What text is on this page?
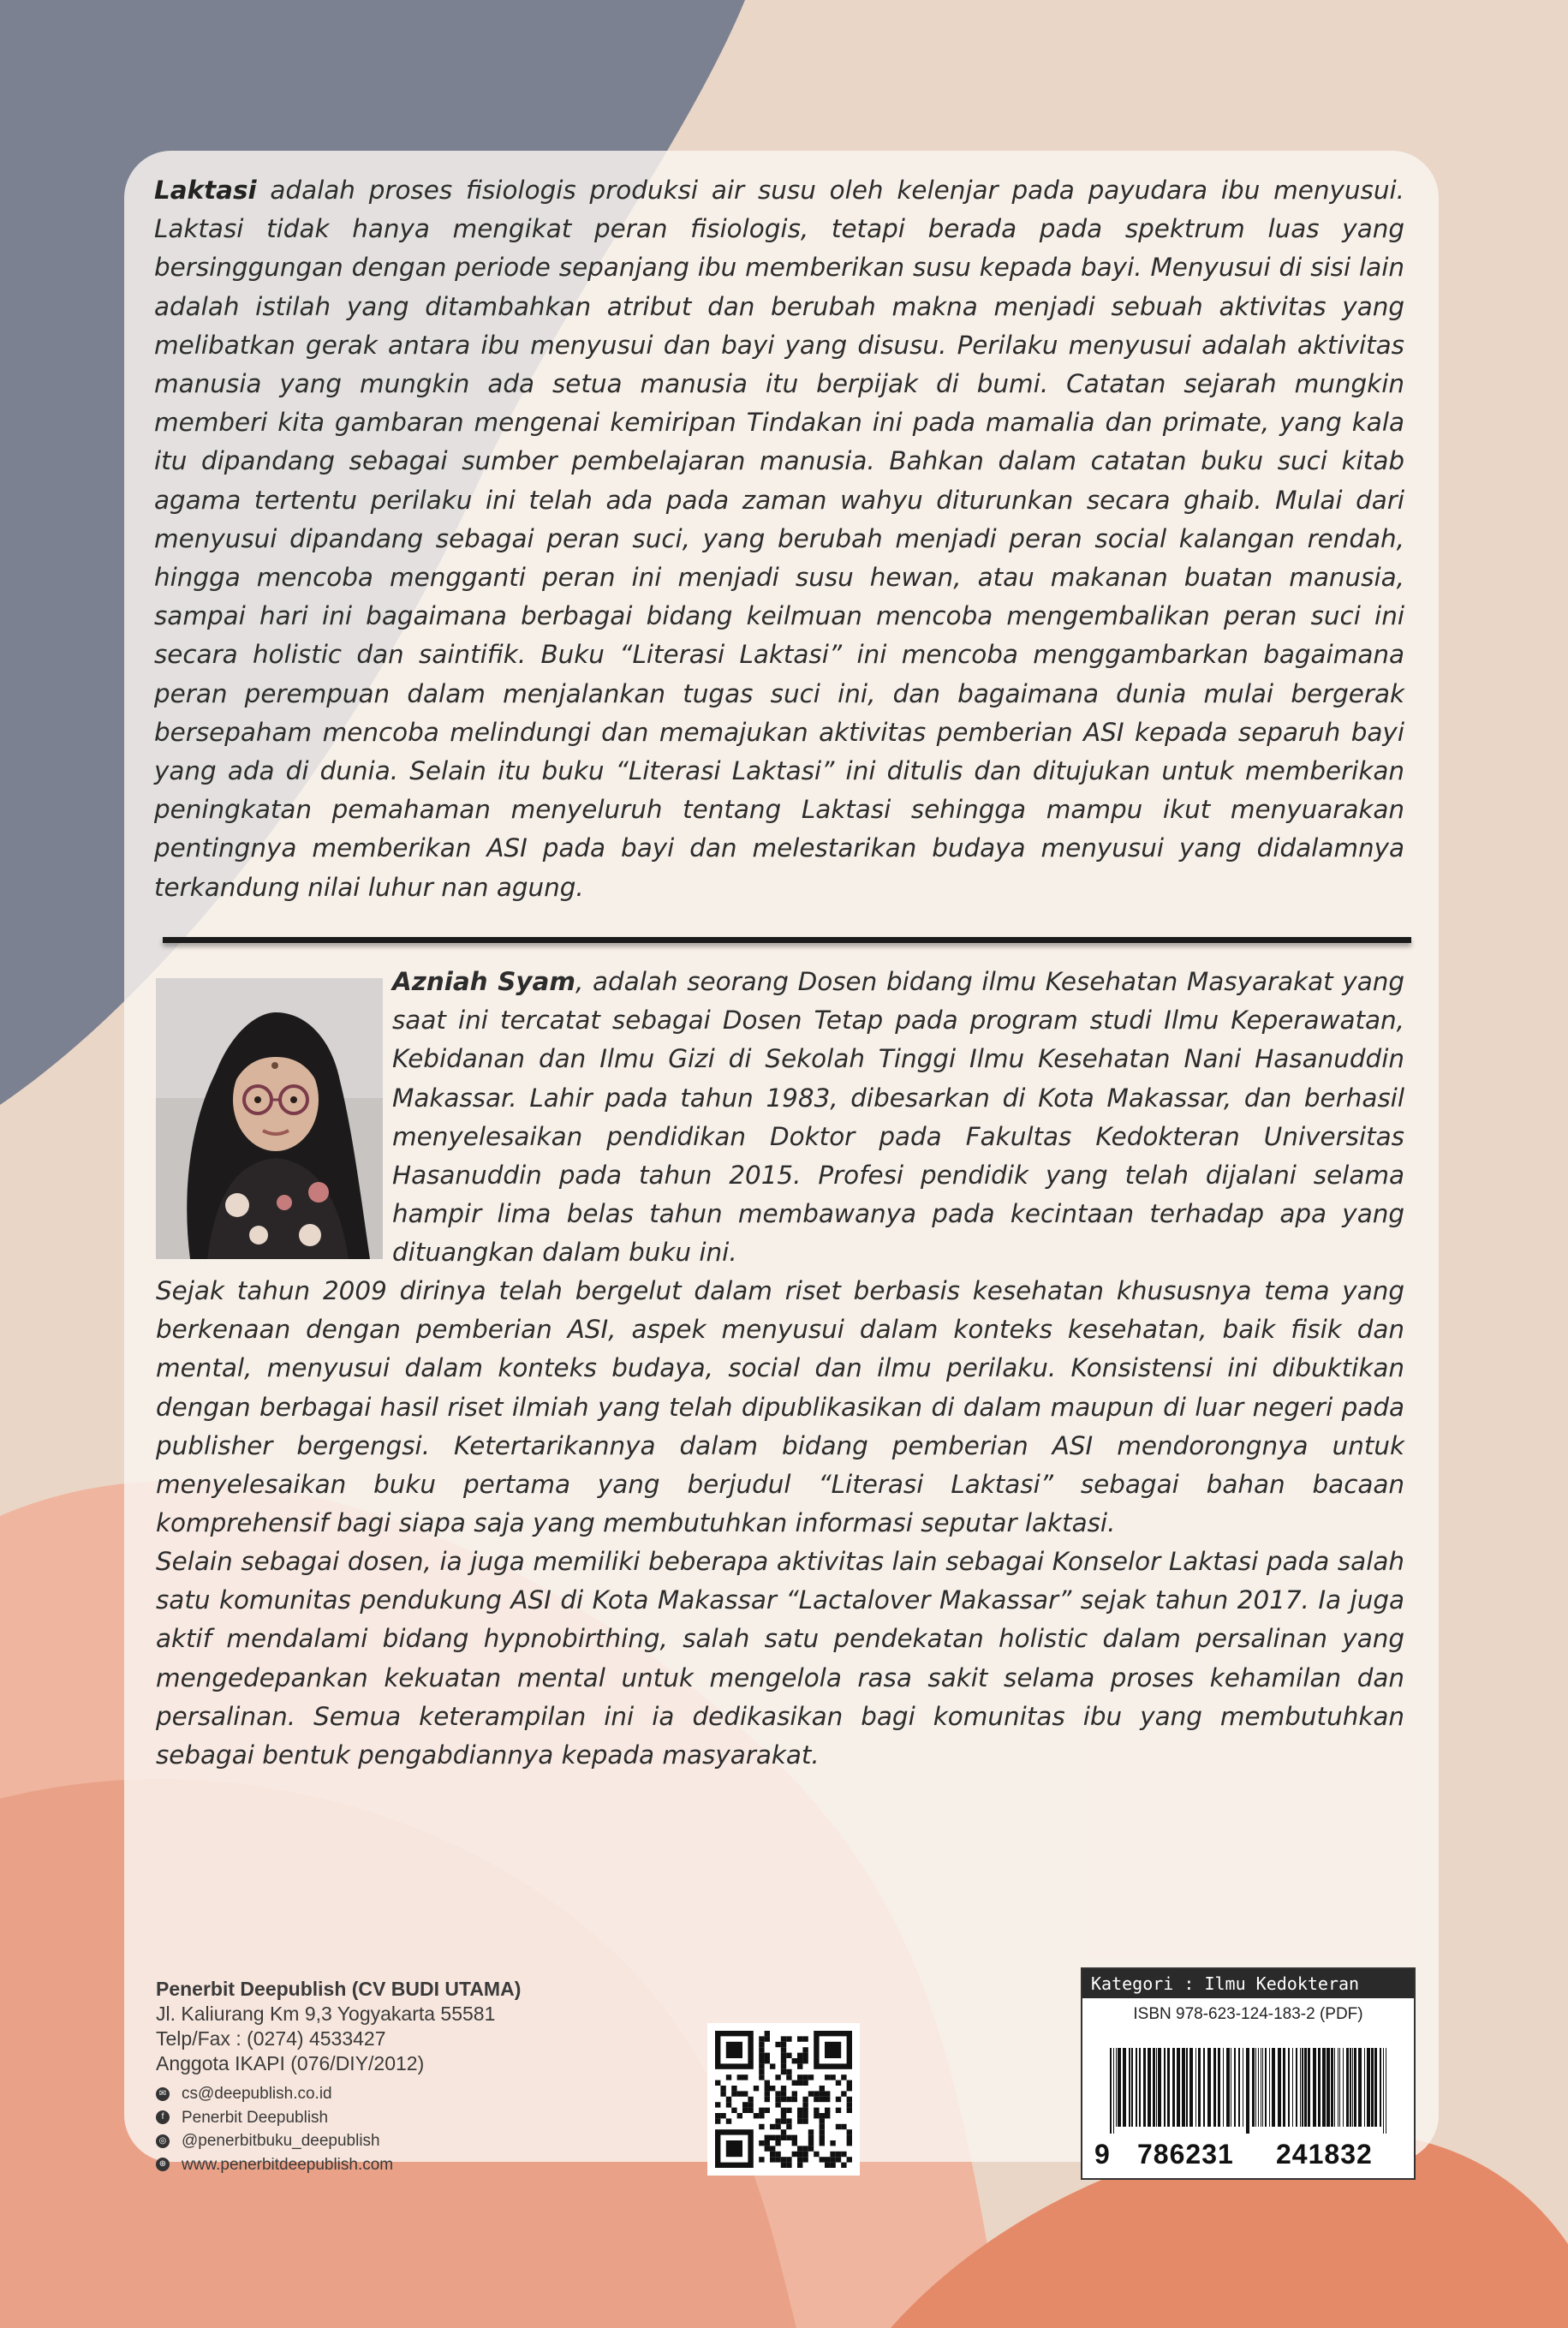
Laktasi adalah proses fisiologis produksi air susu oleh kelenjar pada payudara ibu menyusui. Laktasi tidak hanya mengikat peran fisiologis, tetapi berada pada spektrum luas yang bersinggungan dengan periode sepanjang ibu memberikan susu kepada bayi. Menyusui di sisi lain adalah istilah yang ditambahkan atribut dan berubah makna menjadi sebuah aktivitas yang melibatkan gerak antara ibu menyusui dan bayi yang disusu. Perilaku menyusui adalah aktivitas manusia yang mungkin ada setua manusia itu berpijak di bumi. Catatan sejarah mungkin memberi kita gambaran mengenai kemiripan Tindakan ini pada mamalia dan primate, yang kala itu dipandang sebagai sumber pembelajaran manusia. Bahkan dalam catatan buku suci kitab agama tertentu perilaku ini telah ada pada zaman wahyu diturunkan secara ghaib. Mulai dari menyusui dipandang sebagai peran suci, yang berubah menjadi peran social kalangan rendah, hingga mencoba mengganti peran ini menjadi susu hewan, atau makanan buatan manusia, sampai hari ini bagaimana berbagai bidang keilmuan mencoba mengembalikan peran suci ini secara holistic dan saintifik. Buku “Literasi Laktasi” ini mencoba menggambarkan bagaimana peran perempuan dalam menjalankan tugas suci ini, dan bagaimana dunia mulai bergerak bersepaham mencoba melindungi dan memajukan aktivitas pemberian ASI kepada separuh bayi yang ada di dunia. Selain itu buku “Literasi Laktasi” ini ditulis dan ditujukan untuk memberikan peningkatan pemahaman menyeluruh tentang Laktasi sehingga mampu ikut menyuarakan pentingnya memberikan ASI pada bayi dan melestarikan budaya menyusui yang didalamnya terkandung nilai luhur nan agung.

Azniah Syam, adalah seorang Dosen bidang ilmu Kesehatan Masyarakat yang saat ini tercatat sebagai Dosen Tetap pada program studi Ilmu Keperawatan, Kebidanan dan Ilmu Gizi di Sekolah Tinggi Ilmu Kesehatan Nani Hasanuddin Makassar. Lahir pada tahun 1983, dibesarkan di Kota Makassar, dan berhasil menyelesaikan pendidikan Doktor pada Fakultas Kedokteran Universitas Hasanuddin pada tahun 2015. Profesi pendidik yang telah dijalani selama hampir lima belas tahun membawanya pada kecintaan terhadap apa yang dituangkan dalam buku ini.

Sejak tahun 2009 dirinya telah bergelut dalam riset berbasis kesehatan khususnya tema yang berkenaan dengan pemberian ASI, aspek menyusui dalam konteks kesehatan, baik fisik dan mental, menyusui dalam konteks budaya, social dan ilmu perilaku. Konsistensi ini dibuktikan dengan berbagai hasil riset ilmiah yang telah dipublikasikan di dalam maupun di luar negeri pada publisher bergengsi. Ketertarikannya dalam bidang pemberian ASI mendorongnya untuk menyelesaikan buku pertama yang berjudul “Literasi Laktasi” sebagai bahan bacaan komprehensif bagi siapa saja yang membutuhkan informasi seputar laktasi.

Selain sebagai dosen, ia juga memiliki beberapa aktivitas lain sebagai Konselor Laktasi pada salah satu komunitas pendukung ASI di Kota Makassar “Lactalover Makassar” sejak tahun 2017. Ia juga aktif mendalami bidang hypnobirthing, salah satu pendekatan holistic dalam persalinan yang mengedepankan kekuatan mental untuk mengelola rasa sakit selama proses kehamilan dan persalinan. Semua keterampilan ini ia dedikasikan bagi komunitas ibu yang membutuhkan sebagai bentuk pengabdiannya kepada masyarakat.

Penerbit Deepublish (CV BUDI UTAMA)
Jl. Kaliurang Km 9,3 Yogyakarta 55581
Telp/Fax : (0274) 4533427
Anggota IKAPI (076/DIY/2012)
✉ cs@deepublish.co.id
f	Penerbit Deepublish
◎ @penerbitbuku_deepublish
⊕ www.penerbitdeepublish.com
Kategori : Ilmu Kedokteran
ISBN 978-623-124-183-2 (PDF)
9 786231 241832
